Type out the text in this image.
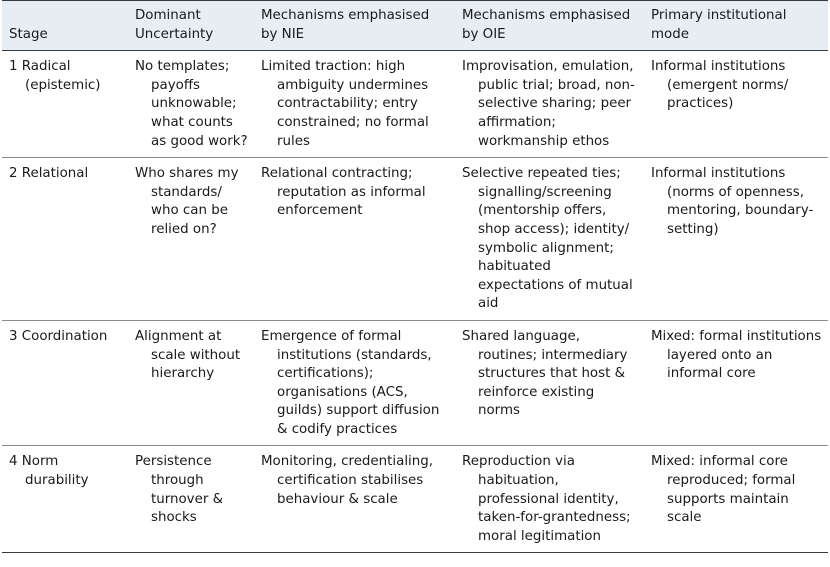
Stage	Dominant Uncertainty	Mechanisms emphasised by NIE	Mechanisms emphasised by OIE	Primary institutional mode

1 Radical (epistemic)	No templates; payoffs unknowable; what counts as good work?	Limited traction: high ambiguity undermines contractability; entry constrained; no formal rules	Improvisation, emulation, public trial; broad, non-selective sharing; peer affirmation; workmanship ethos	Informal institutions (emergent norms/ practices)

2 Relational	Who shares my standards/ who can be relied on?	Relational contracting; reputation as informal enforcement	Selective repeated ties; signalling/screening (mentorship offers, shop access); identity/ symbolic alignment; habituated expectations of mutual aid	Informal institutions (norms of openness, mentoring, boundary-setting)

3 Coordination	Alignment at scale without hierarchy	Emergence of formal institutions (standards, certifications); organisations (ACS, guilds) support diffusion & codify practices	Shared language, routines; intermediary structures that host & reinforce existing norms	Mixed: formal institutions layered onto an informal core

4 Norm durability	Persistence through turnover & shocks	Monitoring, credentialing, certification stabilises behaviour & scale	Reproduction via habituation, professional identity, taken-for-grantedness; moral legitimation	Mixed: informal core reproduced; formal supports maintain scale
